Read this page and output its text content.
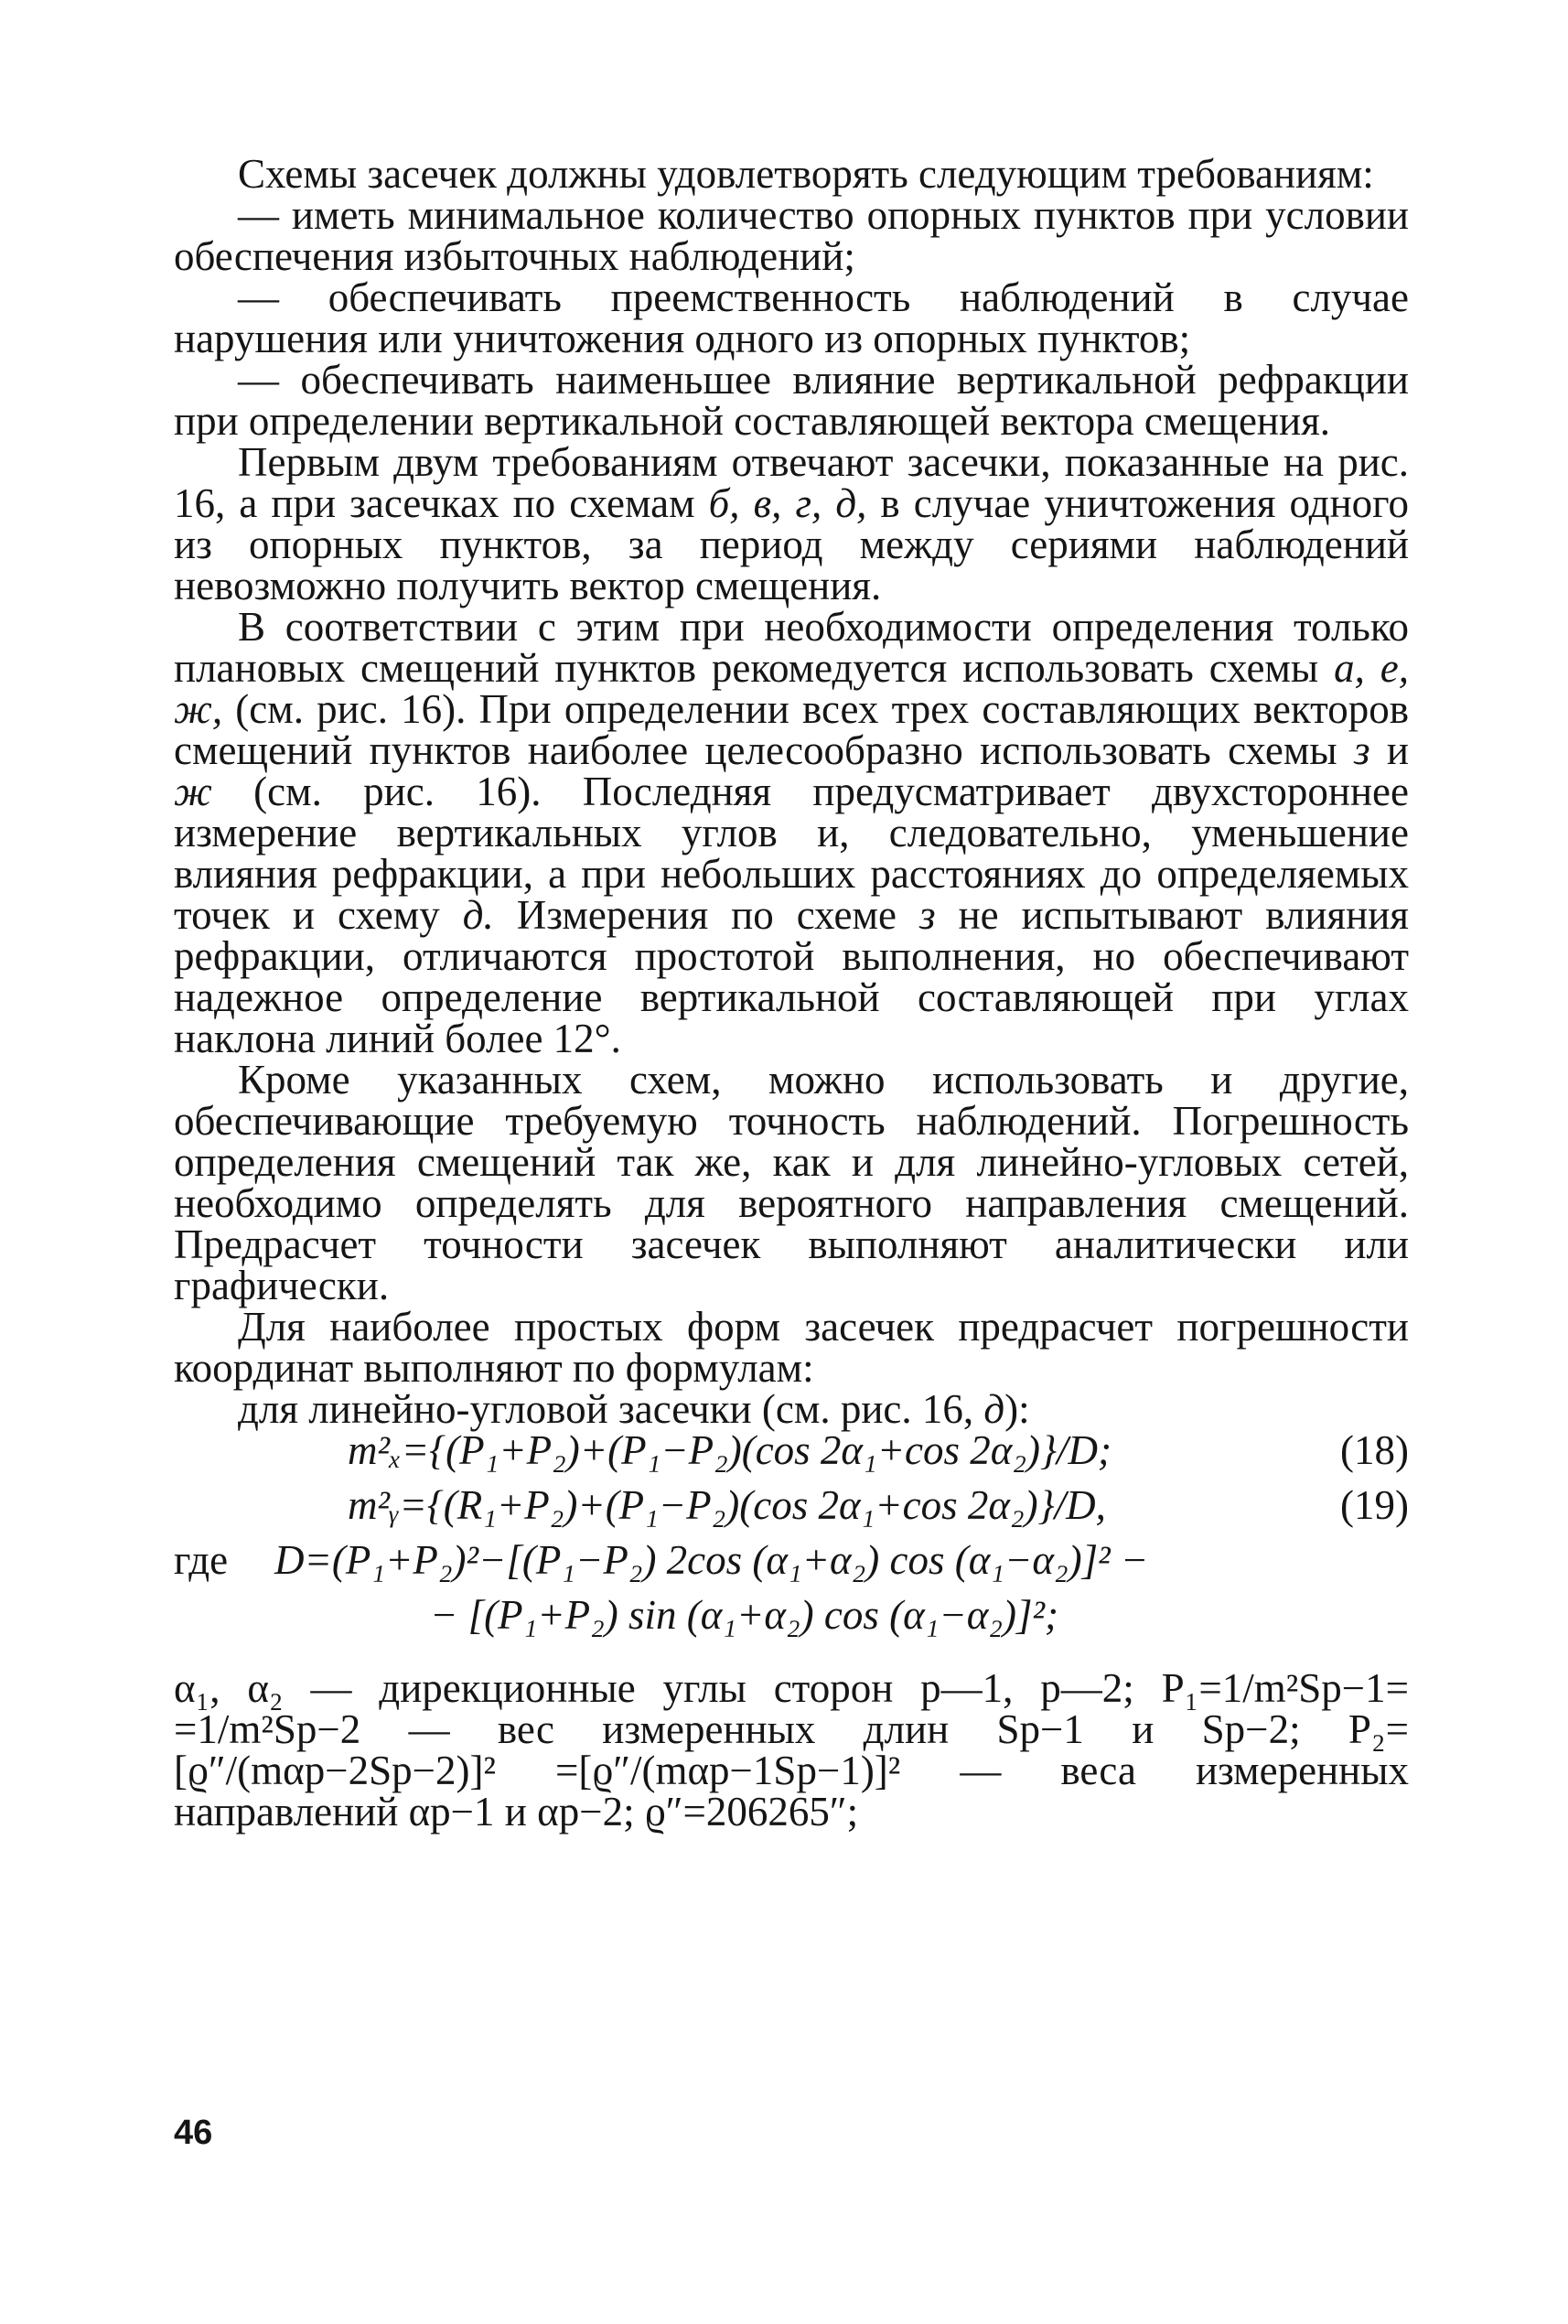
Схемы засечек должны удовлетворять следующим требованиям:

— иметь минимальное количество опорных пунктов при условии обеспечения избыточных наблюдений;

— обеспечивать преемственность наблюдений в случае нарушения или уничтожения одного из опорных пунктов;

— обеспечивать наименьшее влияние вертикальной рефракции при определении вертикальной составляющей вектора смещения.

Первым двум требованиям отвечают засечки, показанные на рис. 16, а при засечках по схемам б, в, г, д, в случае уничтожения одного из опорных пунктов, за период между сериями наблюдений невозможно получить вектор смещения.

В соответствии с этим при необходимости определения только плановых смещений пунктов рекомедуется использовать схемы а, е, ж, (см. рис. 16). При определении всех трех составляющих векторов смещений пунктов наиболее целесообразно использовать схемы з и ж (см. рис. 16). Последняя предусматривает двухстороннее измерение вертикальных углов и, следовательно, уменьшение влияния рефракции, а при небольших расстояниях до определяемых точек и схему д. Измерения по схеме з не испытывают влияния рефракции, отличаются простотой выполнения, но обеспечивают надежное определение вертикальной составляющей при углах наклона линий более 12°.

Кроме указанных схем, можно использовать и другие, обеспечивающие требуемую точность наблюдений. Погрешность определения смещений так же, как и для линейно-угловых сетей, необходимо определять для вероятного направления смещений. Предрасчет точности засечек выполняют аналитически или графически.

Для наиболее простых форм засечек предрасчет погрешности координат выполняют по формулам:

для линейно-угловой засечки (см. рис. 16, д):

m²ₓ={(P₁+P₂)+(P₁−P₂)(cos 2α₁+cos 2α₂)}/D;	(18)
m²ᵧ={(R₁+P₂)+(P₁−P₂)(cos 2α₁+cos 2α₂)}/D,	(19)
где	D=(P₁+P₂)²−[(P₁−P₂) 2cos (α₁+α₂) cos (α₁−α₂)]² −
− [(P₁+P₂) sin (α₁+α₂) cos (α₁−α₂)]²;

α₁, α₂ — дирекционные углы сторон p—1, p—2; P₁=1/m²Sp−1= =1/m²Sp−2 — вес измеренных длин Sp−1 и Sp−2; P₂=[ϱ″/(mαp−2Sp−2)]² =[ϱ″/(mαp−1Sp−1)]² — веса измеренных направлений αp−1 и αp−2; ϱ″=206265″;

46
